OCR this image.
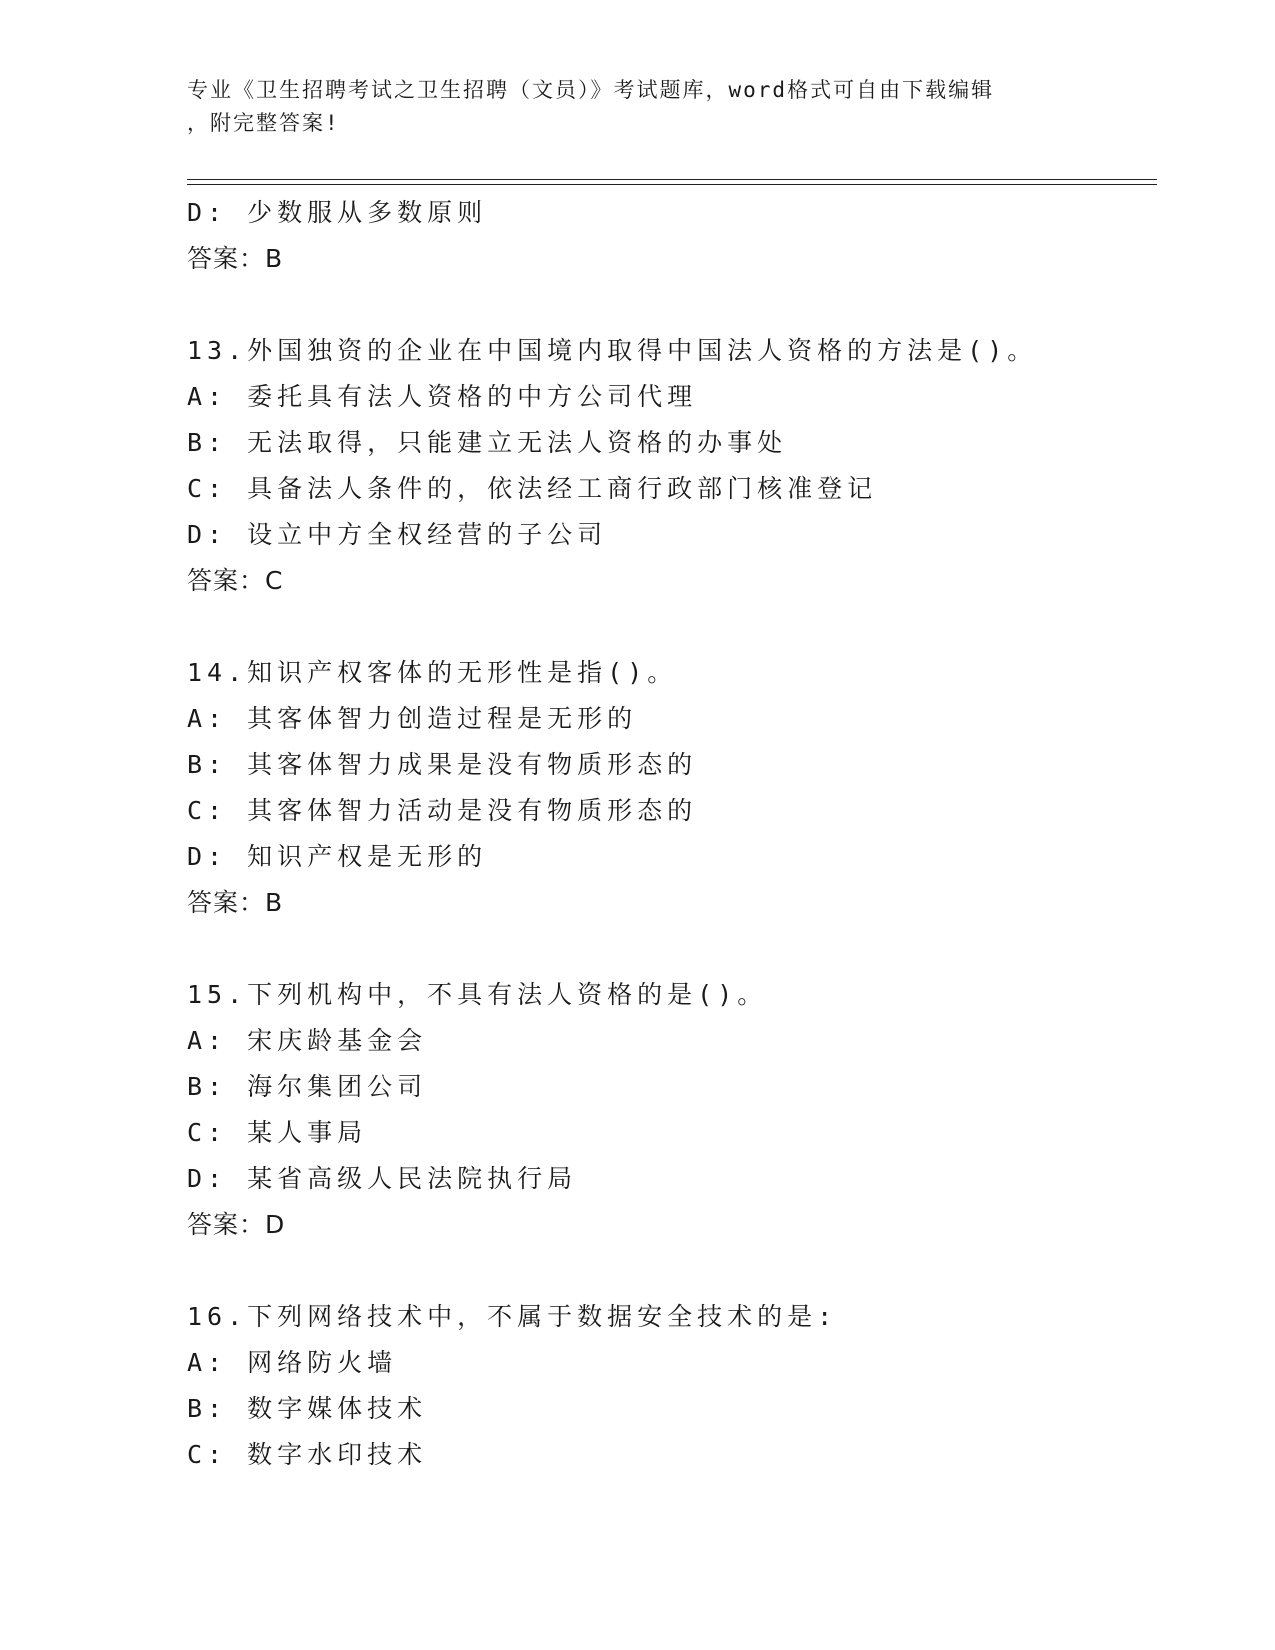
专业《卫生招聘考试之卫生招聘（文员）》考试题库，word格式可自由下载编辑
，附完整答案!
D: 少数服从多数原则
答案：B
13.外国独资的企业在中国境内取得中国法人资格的方法是()。
A: 委托具有法人资格的中方公司代理
B: 无法取得，只能建立无法人资格的办事处
C: 具备法人条件的，依法经工商行政部门核准登记
D: 设立中方全权经营的子公司
答案：C
14.知识产权客体的无形性是指()。
A: 其客体智力创造过程是无形的
B: 其客体智力成果是没有物质形态的
C: 其客体智力活动是没有物质形态的
D: 知识产权是无形的
答案：B
15.下列机构中，不具有法人资格的是()。
A: 宋庆龄基金会
B: 海尔集团公司
C: 某人事局
D: 某省高级人民法院执行局
答案：D
16.下列网络技术中，不属于数据安全技术的是:
A: 网络防火墙
B: 数字媒体技术
C: 数字水印技术
